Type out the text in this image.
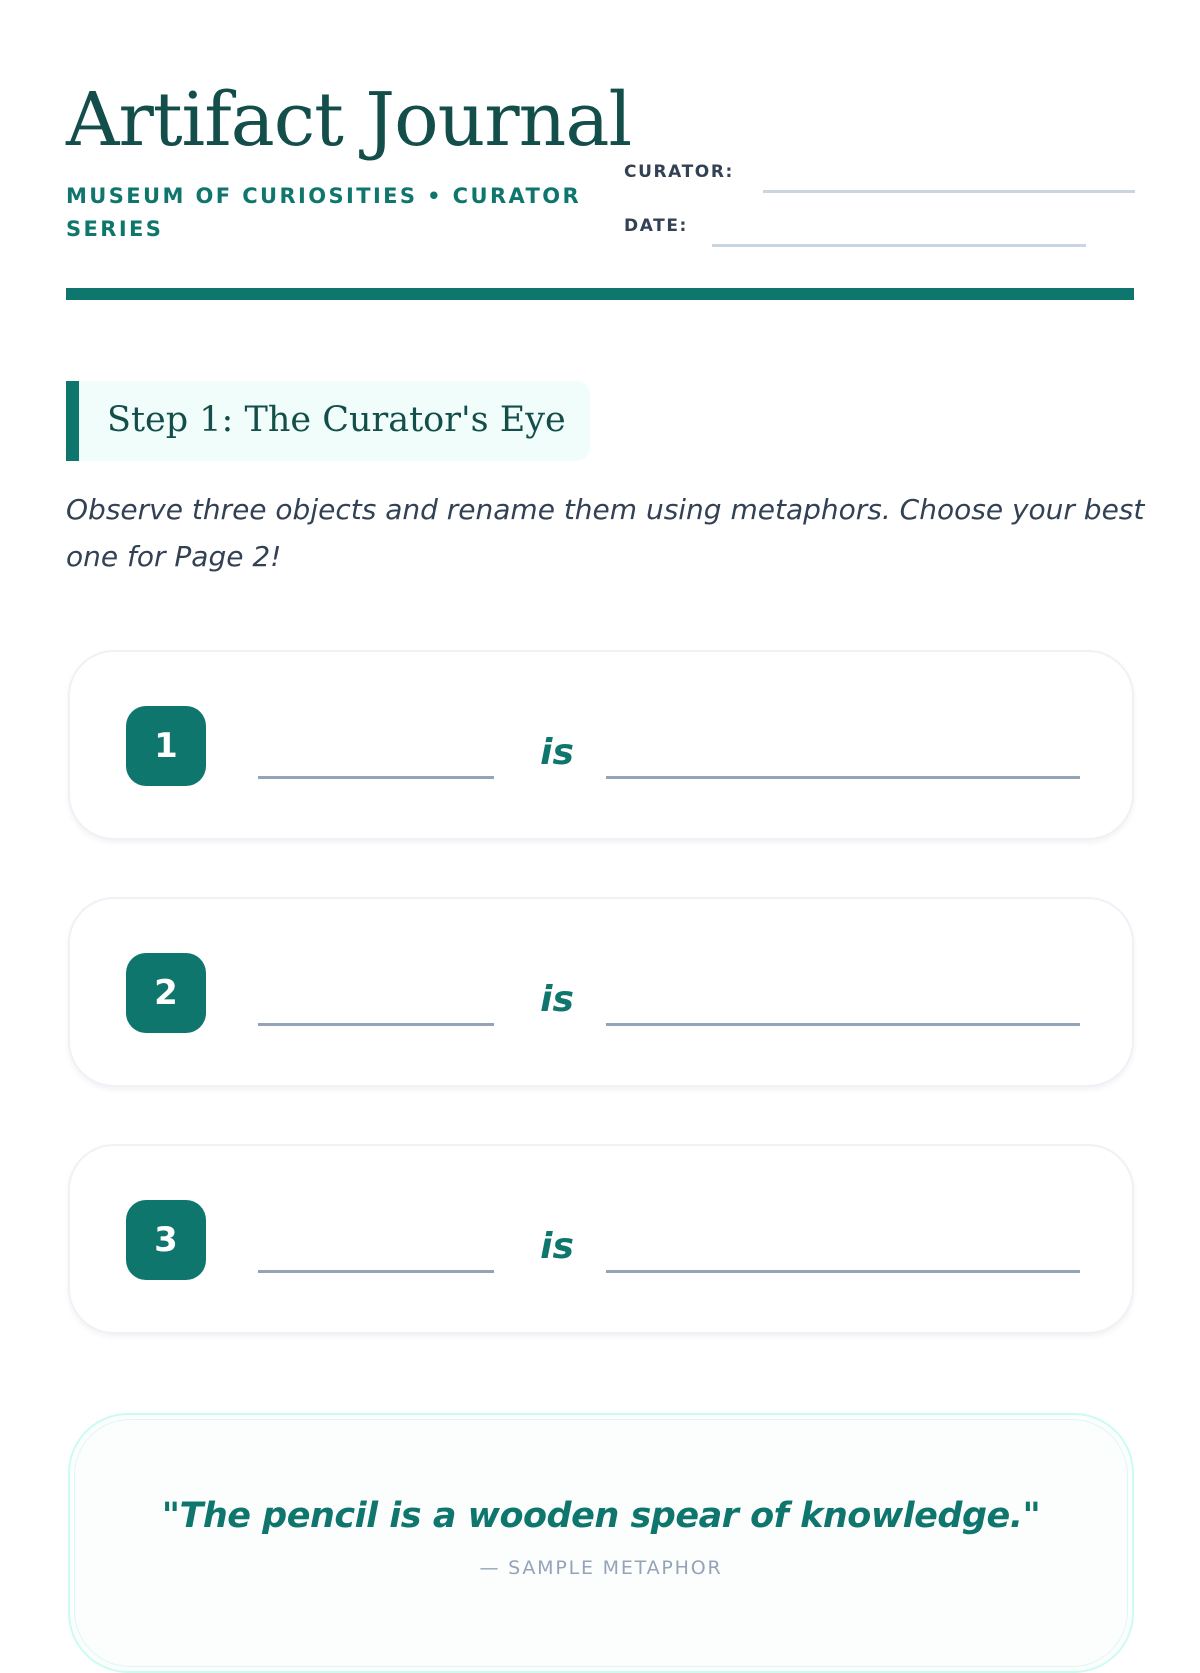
Artifact Journal
MUSEUM OF CURIOSITIES • CURATOR SERIES
CURATOR:
DATE:
Step 1: The Curator's Eye
Observe three objects and rename them using metaphors. Choose your best one for Page 2!
1	is
2	is
3	is
"The pencil is a wooden spear of knowledge."
— SAMPLE METAPHOR
